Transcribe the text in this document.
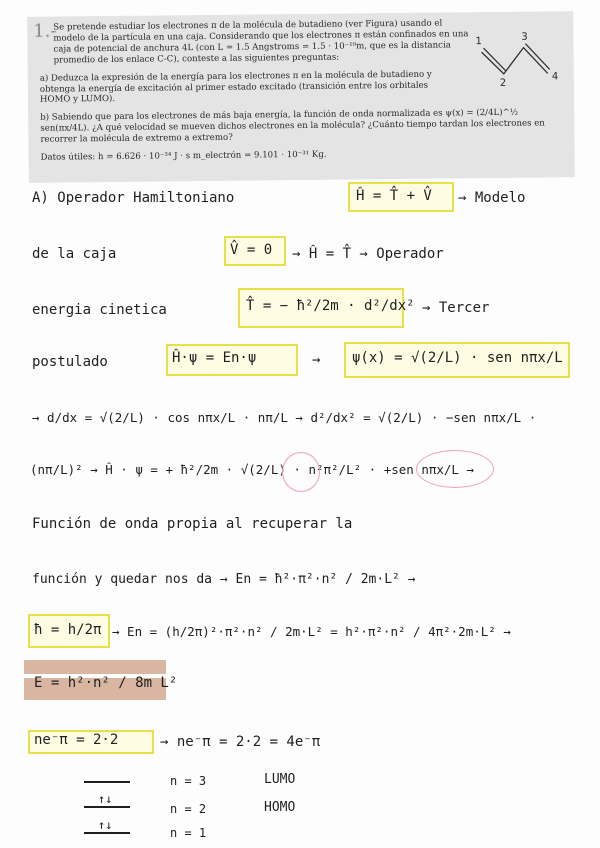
1.-

Se pretende estudiar los electrones π de la molécula de butadieno (ver Figura) usando el modelo de la partícula en una caja. Considerando que los electrones π están confinados en una caja de potencial de anchura 4L (con L = 1.5 Angstroms = 1.5 · 10⁻¹⁰m, que es la distancia promedio de los enlace C-C), conteste a las siguientes preguntas:

a) Deduzca la expresión de la energía para los electrones π en la molécula de butadieno y obtenga la energía de excitación al primer estado excitado (transición entre los orbitales HOMO y LUMO).

b) Sabiendo que para los electrones de más baja energía, la función de onda normalizada es ψ(x) = (2/4L)^½ sen(πx/4L). ¿A qué velocidad se mueven dichos electrones en la molécula? ¿Cuánto tiempo tardan los electrones en recorrer la molécula de extremo a extremo?

Datos útiles: h = 6.626 · 10⁻³⁴ J · s m_electrón = 9.101 · 10⁻³¹ Kg.

1	3
2
4
A) Operador Hamiltoniano	Ĥ = T̂ + V̂ → Modelo
de la caja	V̂ = 0 → Ĥ = T̂ → Operador
energia cinetica	T̂ = − ħ²/2m · d²/dx² → Tercer
postulado	Ĥ·ψ = En·ψ	→ ψ(x) = √(2/L) · sen nπx/L
→ d/dx = √(2/L) · cos nπx/L · nπ/L → d²/dx² = √(2/L) · −sen nπx/L ·
(nπ/L)² → Ĥ · ψ = + ħ²/2m · √(2/L) · n²π²/L² · +sen nπx/L →
Función de onda propia al recuperar la
función y quedar nos da → En = ħ²·π²·n² / 2m·L² →
ħ = h/2π → En = (h/2π)²·π²·n² / 2m·L² = h²·π²·n² / 4π²·2m·L² →
E = h²·n² / 8m L²
ne⁻π = 2·2	→ ne⁻π = 2·2 = 4e⁻π
n = 3	LUMO
↑↓
n = 2	HOMO
↑↓
n = 1
